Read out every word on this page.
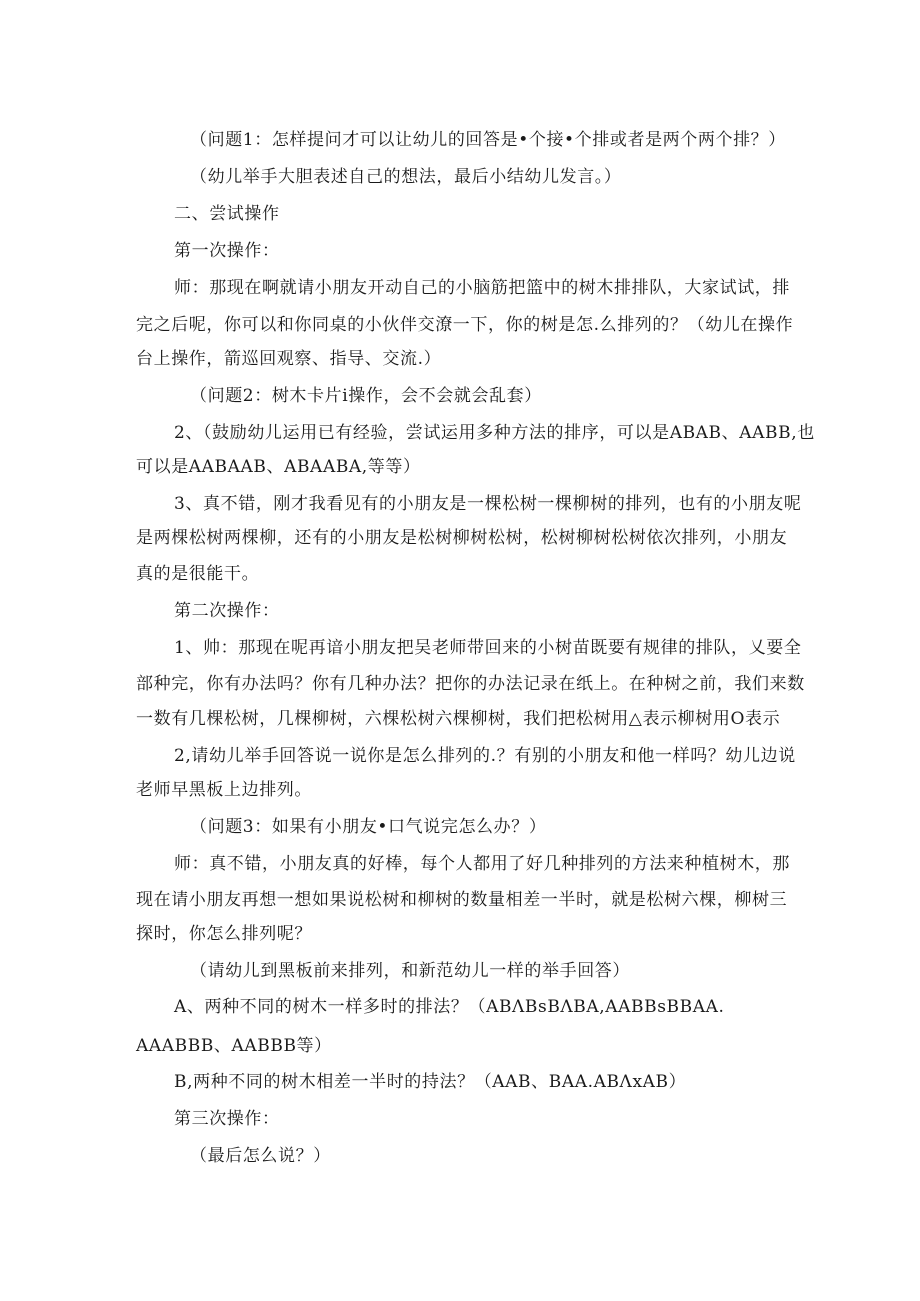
（问题1：怎样提问才可以让幼儿的回答是•个接•个排或者是两个两个排？）
（幼儿举手大胆表述自己的想法，最后小结幼儿发言。）
二、尝试操作
第一次操作：
师：那现在啊就请小朋友开动自己的小脑筋把篮中的树木排排队，大家试试，排
完之后呢，你可以和你同桌的小伙伴交潦一下，你的树是怎.么排列的？（幼儿在操作
台上操作，箭巡回观察、指导、交流.）
（问题2：树木卡片i操作，会不会就会乱套）
2、（鼓励幼儿运用已有经验，尝试运用多种方法的排序，可以是ABAB、AABB,也
可以是AABAAB、ABAABA,等等）
3、真不错，刚才我看见有的小朋友是一棵松树一棵柳树的排列，也有的小朋友呢
是两棵松树两棵柳，还有的小朋友是松树柳树松树，松树柳树松树依次排列，小朋友
真的是很能干。
第二次操作：
1、帅：那现在呢再谙小朋友把吴老师带回来的小树苗既要有规律的排队，乂要全
部种完，你有办法吗？你有几种办法？把你的办法记录在纸上。在种树之前，我们来数
一数有几棵松树，几棵柳树，六棵松树六棵柳树，我们把松树用△表示柳树用O表示
2,请幼儿举手回答说一说你是怎么排列的.？有别的小朋友和他一样吗？幼儿边说
老师早黑板上边排列。
（问题3：如果有小朋友•口气说完怎么办？）
师：真不错，小朋友真的好棒，每个人都用了好几种排列的方法来种植树木，那
现在请小朋友再想一想如果说松树和柳树的数量相差一半时，就是松树六棵，柳树三
探时，你怎么排列呢？
（请幼儿到黑板前来排列，和新范幼儿一样的举手回答）
A、两种不同的树木一样多时的排法？（ABΛBsBΛBA,AABBsBBAA.
AAABBB、AABBB等）
B,两种不同的树木相差一半时的持法？（AAB、BAA.ABΛxAB）
第三次操作：
（最后怎么说？）
